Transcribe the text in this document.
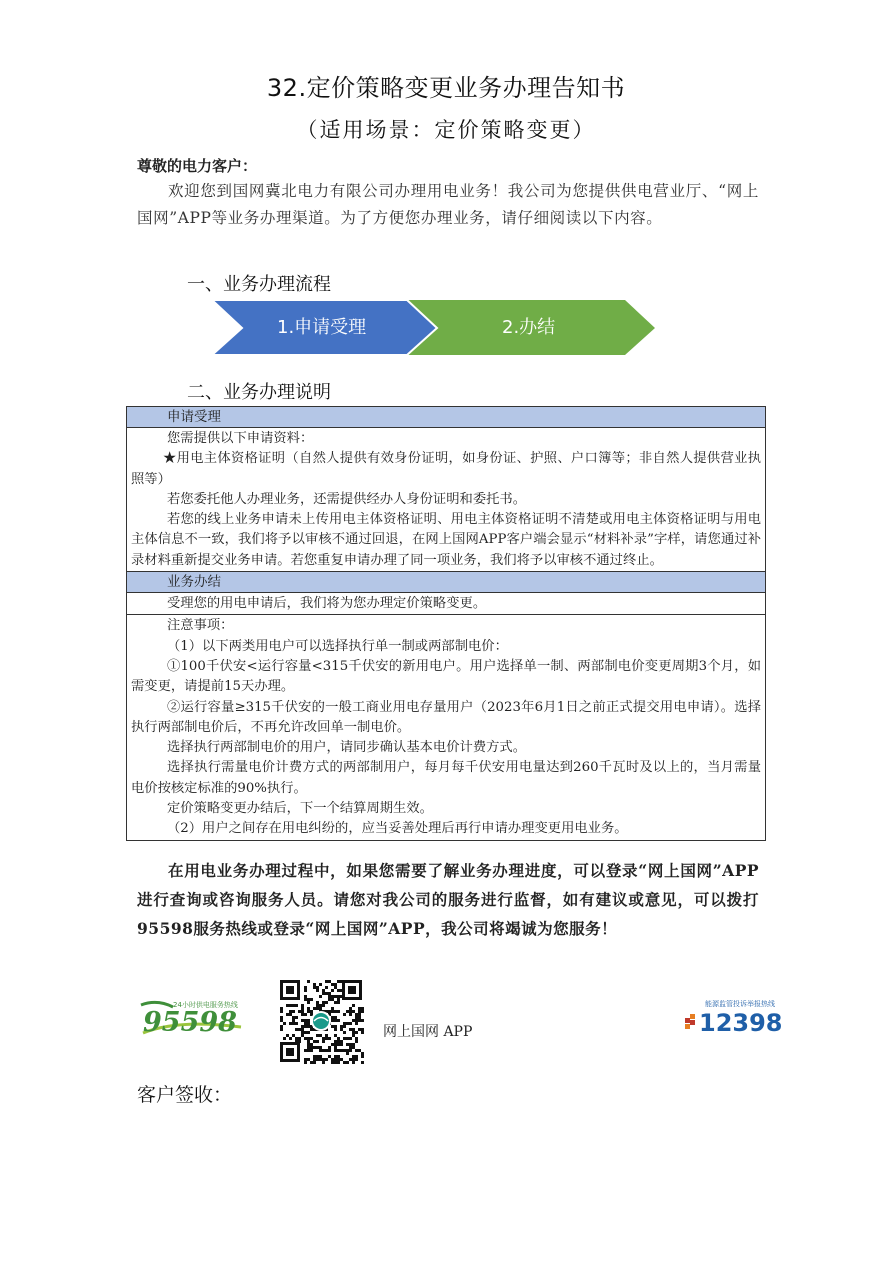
32.定价策略变更业务办理告知书
（适用场景：定价策略变更）
尊敬的电力客户：
欢迎您到国网冀北电力有限公司办理用电业务！我公司为您提供供电营业厅、“网上国网”APP等业务办理渠道。为了方便您办理业务，请仔细阅读以下内容。
一、业务办理流程
1.申请受理	2.办结
二、业务办理说明
申请受理

您需提供以下申请资料：

★用电主体资格证明（自然人提供有效身份证明，如身份证、护照、户口簿等；非自然人提供营业执照等）

若您委托他人办理业务，还需提供经办人身份证明和委托书。

若您的线上业务申请未上传用电主体资格证明、用电主体资格证明不清楚或用电主体资格证明与用电主体信息不一致，我们将予以审核不通过回退，在网上国网APP客户端会显示“材料补录”字样，请您通过补录材料重新提交业务申请。若您重复申请办理了同一项业务，我们将予以审核不通过终止。

业务办结

受理您的用电申请后，我们将为您办理定价策略变更。

注意事项：

（1）以下两类用电户可以选择执行单一制或两部制电价：

①100千伏安<运行容量<315千伏安的新用电户。用户选择单一制、两部制电价变更周期3个月，如需变更，请提前15天办理。

②运行容量≥315千伏安的一般工商业用电存量用户（2023年6月1日之前正式提交用电申请）。选择执行两部制电价后，不再允许改回单一制电价。

选择执行两部制电价的用户，请同步确认基本电价计费方式。

选择执行需量电价计费方式的两部制用户，每月每千伏安用电量达到260千瓦时及以上的，当月需量电价按核定标准的90%执行。

定价策略变更办结后，下一个结算周期生效。

（2）用户之间存在用电纠纷的，应当妥善处理后再行申请办理变更用电业务。

在用电业务办理过程中，如果您需要了解业务办理进度，可以登录“网上国网”APP进行查询或咨询服务人员。请您对我公司的服务进行监督，如有建议或意见，可以拨打95598服务热线或登录“网上国网”APP，我公司将竭诚为您服务！
24小时供电服务热线
95598	网上国网 APP
能源监管投诉举报热线
12398
客户签收：
